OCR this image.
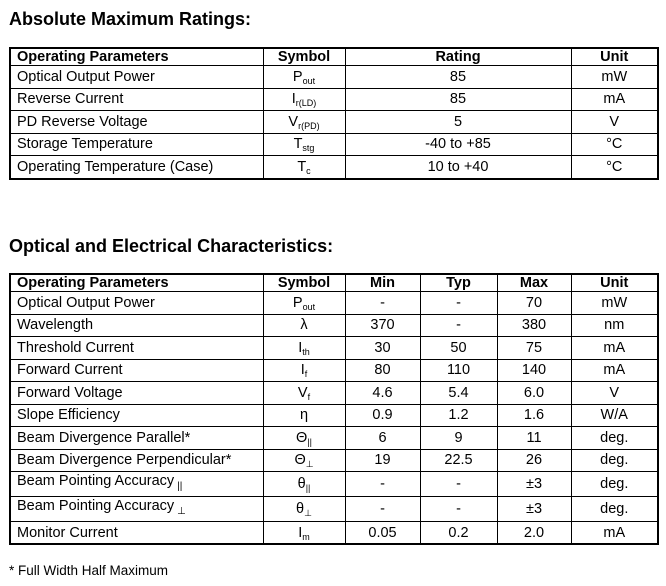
Absolute Maximum Ratings:
Operating Parameters	Symbol	Rating	Unit
Optical Output Power	$P_{out}$	85	mW
Reverse Current	$I_{r(LD)}$	85	mA
PD Reverse Voltage	$V_{r(PD)}$	5	V
Storage Temperature	$T_{stg}$	-40 to +85	°C
Operating Temperature (Case)	$T_c$	10 to +40	°C
Optical and Electrical Characteristics:
Operating Parameters	Symbol	Min	Typ	Max	Unit
Optical Output Power	$P_{out}$	-	-	70	mW
Wavelength	λ	370	-	380	nm
Threshold Current	$I_{th}$	30	50	75	mA
Forward Current	$I_f$	80	110	140	mA
Forward Voltage	$V_f$	4.6	5.4	6.0	V
Slope Efficiency	η	0.9	1.2	1.6	W/A
Beam Divergence Parallel*	$\Theta_{||}$	6	9	11	deg.
Beam Divergence Perpendicular*	$\Theta_\perp$	19	22.5	26	deg.
Beam Pointing Accuracy $_{||}$	$\theta_{||}$	-	-	±3	deg.
Beam Pointing Accuracy $_\perp$	$\theta_\perp$	-	-	±3	deg.
Monitor Current	$I_m$	0.05	0.2	2.0	mA
* Full Width Half Maximum
